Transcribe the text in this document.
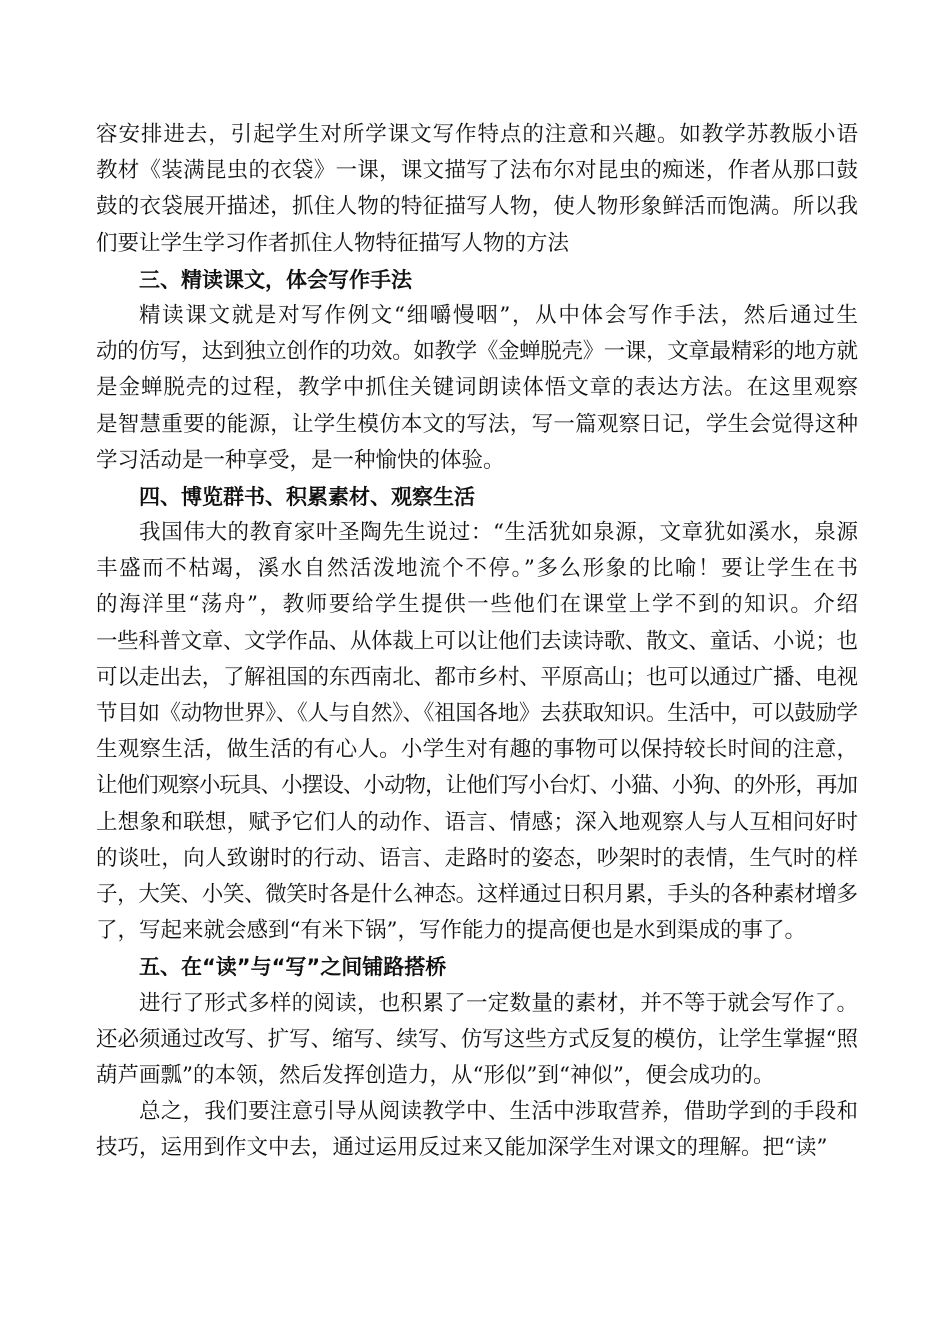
容安排进去，引起学生对所学课文写作特点的注意和兴趣。如教学苏教版小语
教材《装满昆虫的衣袋》一课，课文描写了法布尔对昆虫的痴迷，作者从那口鼓
鼓的衣袋展开描述，抓住人物的特征描写人物，使人物形象鲜活而饱满。所以我
们要让学生学习作者抓住人物特征描写人物的方法
三、精读课文，体会写作手法
精读课文就是对写作例文“细嚼慢咽”，从中体会写作手法，然后通过生
动的仿写，达到独立创作的功效。如教学《金蝉脱壳》一课，文章最精彩的地方就
是金蝉脱壳的过程，教学中抓住关键词朗读体悟文章的表达方法。在这里观察
是智慧重要的能源，让学生模仿本文的写法，写一篇观察日记，学生会觉得这种
学习活动是一种享受，是一种愉快的体验。
四、博览群书、积累素材、观察生活
我国伟大的教育家叶圣陶先生说过：“生活犹如泉源，文章犹如溪水，泉源
丰盛而不枯竭，溪水自然活泼地流个不停。”多么形象的比喻！要让学生在书
的海洋里“荡舟”，教师要给学生提供一些他们在课堂上学不到的知识。介绍
一些科普文章、文学作品、从体裁上可以让他们去读诗歌、散文、童话、小说；也
可以走出去，了解祖国的东西南北、都市乡村、平原高山；也可以通过广播、电视
节目如《动物世界》、《人与自然》、《祖国各地》去获取知识。生活中，可以鼓励学
生观察生活，做生活的有心人。小学生对有趣的事物可以保持较长时间的注意，
让他们观察小玩具、小摆设、小动物，让他们写小台灯、小猫、小狗、的外形，再加
上想象和联想，赋予它们人的动作、语言、情感；深入地观察人与人互相问好时
的谈吐，向人致谢时的行动、语言、走路时的姿态，吵架时的表情，生气时的样
子，大笑、小笑、微笑时各是什么神态。这样通过日积月累，手头的各种素材增多
了，写起来就会感到“有米下锅”，写作能力的提高便也是水到渠成的事了。
五、在“读”与“写”之间铺路搭桥
进行了形式多样的阅读，也积累了一定数量的素材，并不等于就会写作了。
还必须通过改写、扩写、缩写、续写、仿写这些方式反复的模仿，让学生掌握“照
葫芦画瓢”的本领，然后发挥创造力，从“形似”到“神似”，便会成功的。
总之，我们要注意引导从阅读教学中、生活中涉取营养，借助学到的手段和
技巧，运用到作文中去，通过运用反过来又能加深学生对课文的理解。把“读”
